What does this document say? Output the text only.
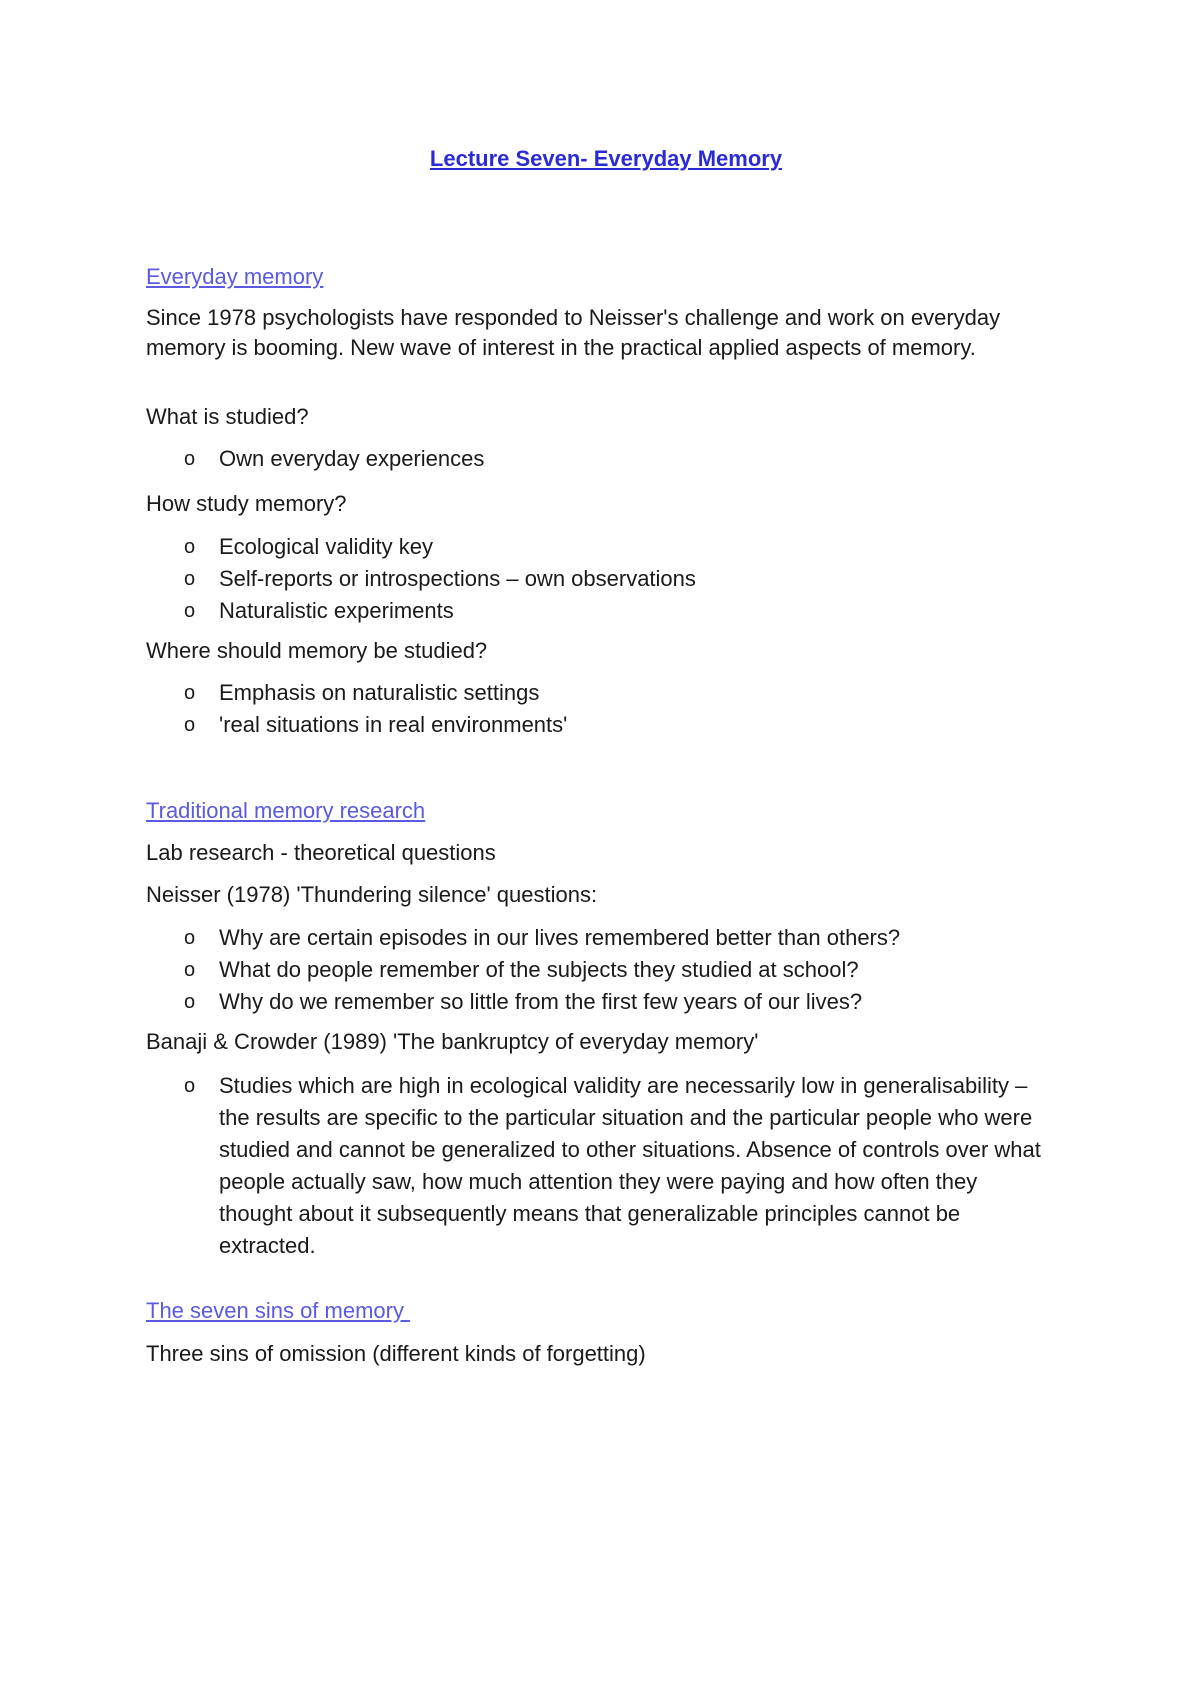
Lecture Seven- Everyday Memory
Everyday memory
Since 1978 psychologists have responded to Neisser's challenge and work on everyday memory is booming. New wave of interest in the practical applied aspects of memory.
What is studied?
o Own everyday experiences
How study memory?
o Ecological validity key
o Self-reports or introspections – own observations
o Naturalistic experiments
Where should memory be studied?
o Emphasis on naturalistic settings
o 'real situations in real environments'
Traditional memory research
Lab research - theoretical questions
Neisser (1978) 'Thundering silence' questions:
o Why are certain episodes in our lives remembered better than others?
o What do people remember of the subjects they studied at school?
o Why do we remember so little from the first few years of our lives?
Banaji & Crowder (1989) 'The bankruptcy of everyday memory'
o Studies which are high in ecological validity are necessarily low in generalisability – the results are specific to the particular situation and the particular people who were studied and cannot be generalized to other situations. Absence of controls over what people actually saw, how much attention they were paying and how often they thought about it subsequently means that generalizable principles cannot be extracted.
The seven sins of memory
Three sins of omission (different kinds of forgetting)
